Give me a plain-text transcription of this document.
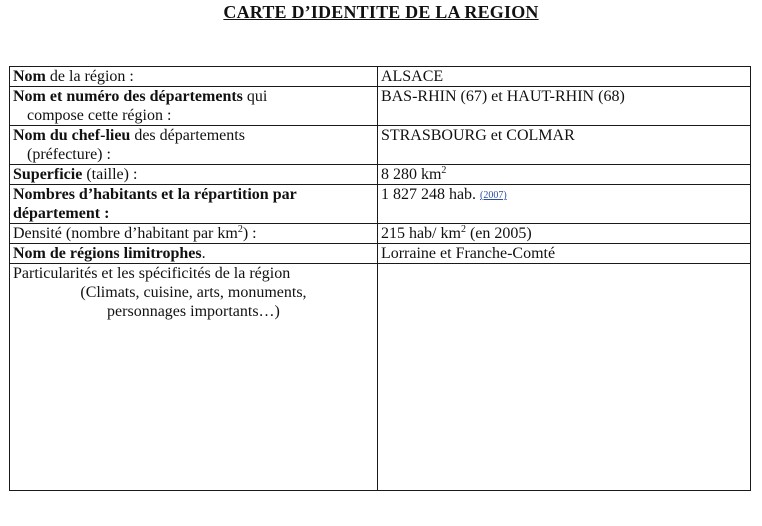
CARTE D’IDENTITE DE LA REGION
Nom de la région :	ALSACE
Nom et numéro des départements qui
compose cette région :	BAS-RHIN (67) et HAUT-RHIN (68)
Nom du chef-lieu des départements
(préfecture) :	STRASBOURG et COLMAR
Superficie (taille) :	8 280 $km^2$
Nombres d’habitants et la répartition par
département :	1 827 248 hab. (2007)
Densité (nombre d’habitant par $km^2$) :	215 hab/ $km^2$ (en 2005)
Nom de régions limitrophes.	Lorraine et Franche-Comté
Particularités et les spécificités de la région

(Climats, cuisine, arts, monuments,
personnages importants…)	
